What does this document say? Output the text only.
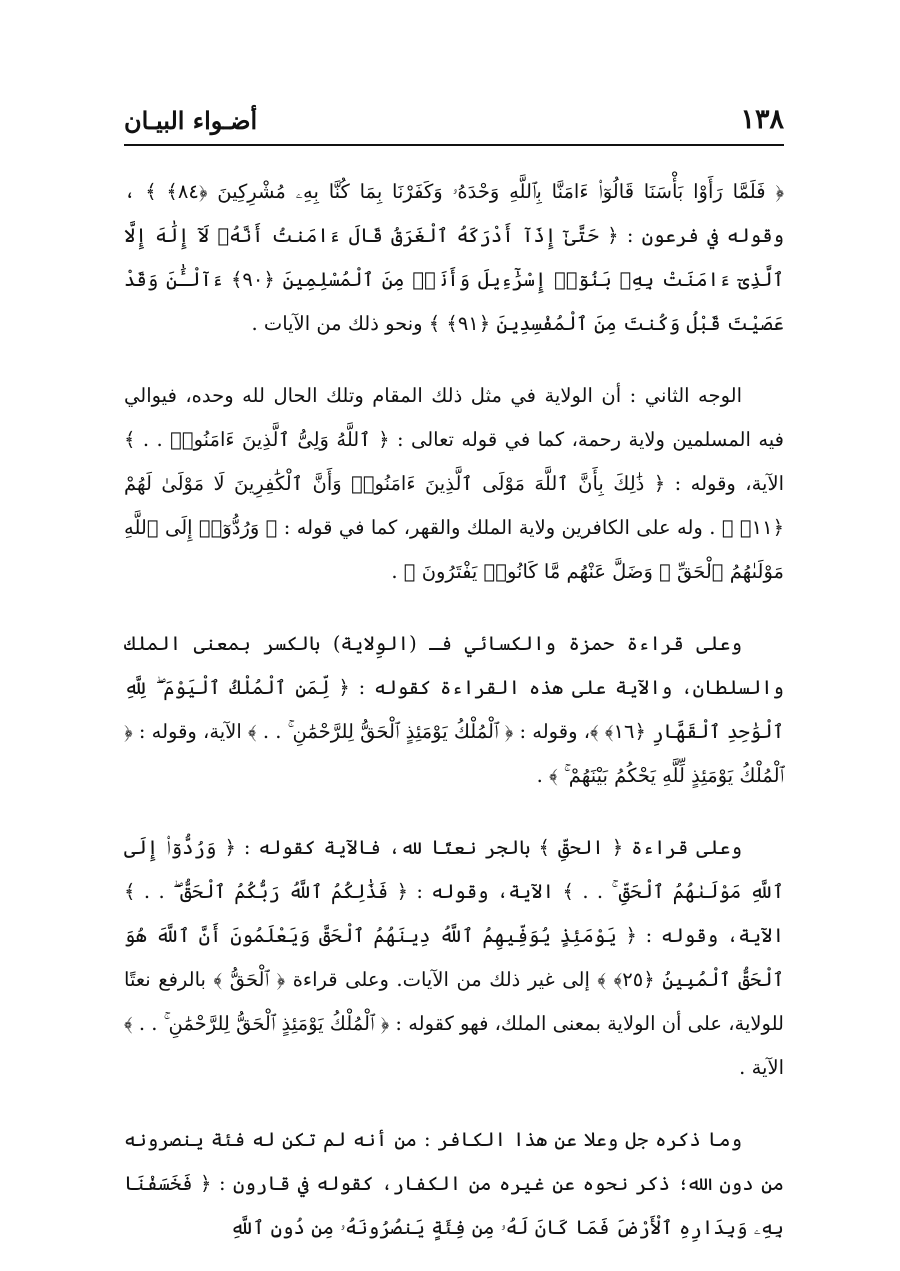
١٣٨
أضـواء البيـان

﴿ فَلَمَّا رَأَوْا بَأْسَنَا قَالُوٓا۟ ءَامَنَّا بِٱللَّهِ وَحْدَهُۥ وَكَفَرْنَا بِمَا كُنَّا بِهِۦ مُشْرِكِينَ ﴿٨٤﴾ ﴾ ، وقوله في فرعون : ﴿ حَتَّىٰٓ إِذَآ أَدْرَكَهُ ٱلْغَرَقُ قَالَ ءَامَنتُ أَنَّهُۥ لَآ إِلَٰهَ إِلَّا ٱلَّذِىٓ ءَامَنَتْ بِهِۦ بَنُوٓا۟ إِسْرَٰٓءِيلَ وَأَنَا۠ مِنَ ٱلْمُسْلِمِينَ ﴿٩٠﴾ ءَآلْـَٰٔنَ وَقَدْ عَصَيْتَ قَبْلُ وَكُنتَ مِنَ ٱلْمُفْسِدِينَ ﴿٩١﴾ ﴾ ونحو ذلك من الآيات .

الوجه الثاني : أن الولاية في مثل ذلك المقام وتلك الحال لله وحده، فيوالي فيه المسلمين ولاية رحمة، كما في قوله تعالى : ﴿ ٱللَّهُ وَلِىُّ ٱلَّذِينَ ءَامَنُوا۟ . . ﴾ الآية، وقوله : ﴿ ذَٰلِكَ بِأَنَّ ٱللَّهَ مَوْلَى ٱلَّذِينَ ءَامَنُوا۟ وَأَنَّ ٱلْكَٰفِرِينَ لَا مَوْلَىٰ لَهُمْ ﴿١١﴾ ﴾ . وله على الكافرين ولاية الملك والقهر، كما في قوله : ﴿ وَرُدُّوٓا۟ إِلَى ٱللَّهِ مَوْلَىٰهُمُ ٱلْحَقِّ ۖ وَضَلَّ عَنْهُم مَّا كَانُوا۟ يَفْتَرُونَ ﴾ .

وعلى قراءة حمزة والكسائي فـ (الوِلاية) بالكسر بمعنى الملك والسلطان، والآية على هذه القراءة كقوله : ﴿ لِّمَنِ ٱلْمُلْكُ ٱلْيَوْمَ ۖ لِلَّهِ ٱلْوَٰحِدِ ٱلْقَهَّارِ ﴿١٦﴾ ﴾، وقوله : ﴿ ٱلْمُلْكُ يَوْمَئِذٍ ٱلْحَقُّ لِلرَّحْمَٰنِ ۚ . . ﴾ الآية، وقوله : ﴿ ٱلْمُلْكُ يَوْمَئِذٍ لِّلَّهِ يَحْكُمُ بَيْنَهُمْ ۚ ﴾ .

وعلى قراءة ﴿ الحقِّ ﴾ بالجر نعتًا لله، فالآية كقوله : ﴿ وَرُدُّوٓا۟ إِلَى ٱللَّهِ مَوْلَىٰهُمُ ٱلْحَقِّ ۚ . . ﴾ الآية، وقوله : ﴿ فَذَٰلِكُمُ ٱللَّهُ رَبُّكُمُ ٱلْحَقُّ ۖ . . ﴾ الآية، وقوله : ﴿ يَوْمَئِذٍ يُوَفِّيهِمُ ٱللَّهُ دِينَهُمُ ٱلْحَقَّ وَيَعْلَمُونَ أَنَّ ٱللَّهَ هُوَ ٱلْحَقُّ ٱلْمُبِينُ ﴿٢٥﴾ ﴾ إلى غير ذلك من الآيات. وعلى قراءة ﴿ ٱلْحَقُّ ﴾ بالرفع نعتًا للولاية، على أن الولاية بمعنى الملك، فهو كقوله : ﴿ ٱلْمُلْكُ يَوْمَئِذٍ ٱلْحَقُّ لِلرَّحْمَٰنِ ۚ . . ﴾ الآية .

وما ذكره جل وعلا عن هذا الكافر : من أنه لم تكن له فئة ينصرونه من دون الله؛ ذكر نحوه عن غيره من الكفار، كقوله في قارون : ﴿ فَخَسَفْنَا بِهِۦ وَبِدَارِهِ ٱلْأَرْضَ فَمَا كَانَ لَهُۥ مِن فِئَةٍ يَنصُرُونَهُۥ مِن دُونِ ٱللَّهِ
